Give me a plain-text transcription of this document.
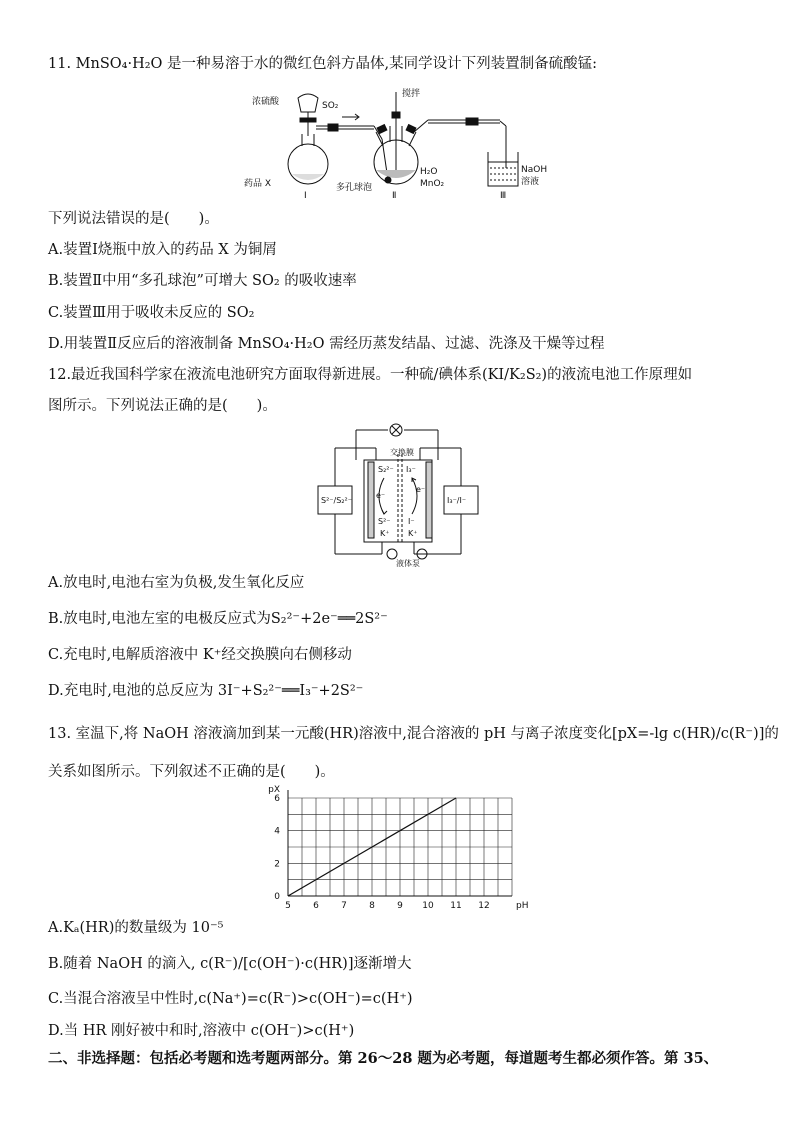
11. MnSO₄·H₂O 是一种易溶于水的微红色斜方晶体,某同学设计下列装置制备硫酸锰:
浓硫酸	SO₂
搅拌
药品 X
H₂O
MnO₂
多孔球泡
NaOH
溶液
Ⅰ	Ⅱ	Ⅲ
下列说法错误的是(　　)。
A.装置Ⅰ烧瓶中放入的药品 X 为铜屑
B.装置Ⅱ中用“多孔球泡”可增大 SO₂ 的吸收速率
C.装置Ⅲ用于吸收未反应的 SO₂
D.用装置Ⅱ反应后的溶液制备 MnSO₄·H₂O 需经历蒸发结晶、过滤、洗涤及干燥等过程
12.最近我国科学家在液流电池研究方面取得新进展。一种硫/碘体系(KI/K₂S₂)的液流电池工作原理如
图所示。下列说法正确的是(　　)。
交换膜
S²⁻/S₂²⁻	I₃⁻/I⁻
S₂²⁻
S²⁻
K⁺
I₃⁻
I⁻
K⁺
e⁻
e⁻
液体泵
A.放电时,电池右室为负极,发生氧化反应
B.放电时,电池左室的电极反应式为S₂²⁻+2e⁻══2S²⁻
C.充电时,电解质溶液中 K⁺经交换膜向右侧移动
D.充电时,电池的总反应为 3I⁻+S₂²⁻══I₃⁻+2S²⁻
13. 室温下,将 NaOH 溶液滴加到某一元酸(HR)溶液中,混合溶液的 pH 与离子浓度变化[pX=-lg c(HR)/c(R⁻)]的
关系如图所示。下列叙述不正确的是(　　)。
5 6 7 8 9 10 11 12
0
2
4
6
pH
pX
A.Kₐ(HR)的数量级为 10⁻⁵
B.随着 NaOH 的滴入, c(R⁻)/[c(OH⁻)·c(HR)]逐渐增大
C.当混合溶液呈中性时,c(Na⁺)=c(R⁻)>c(OH⁻)=c(H⁺)
D.当 HR 刚好被中和时,溶液中 c(OH⁻)>c(H⁺)
二、非选择题：包括必考题和选考题两部分。第 26～28 题为必考题，每道题考生都必须作答。第 35、
